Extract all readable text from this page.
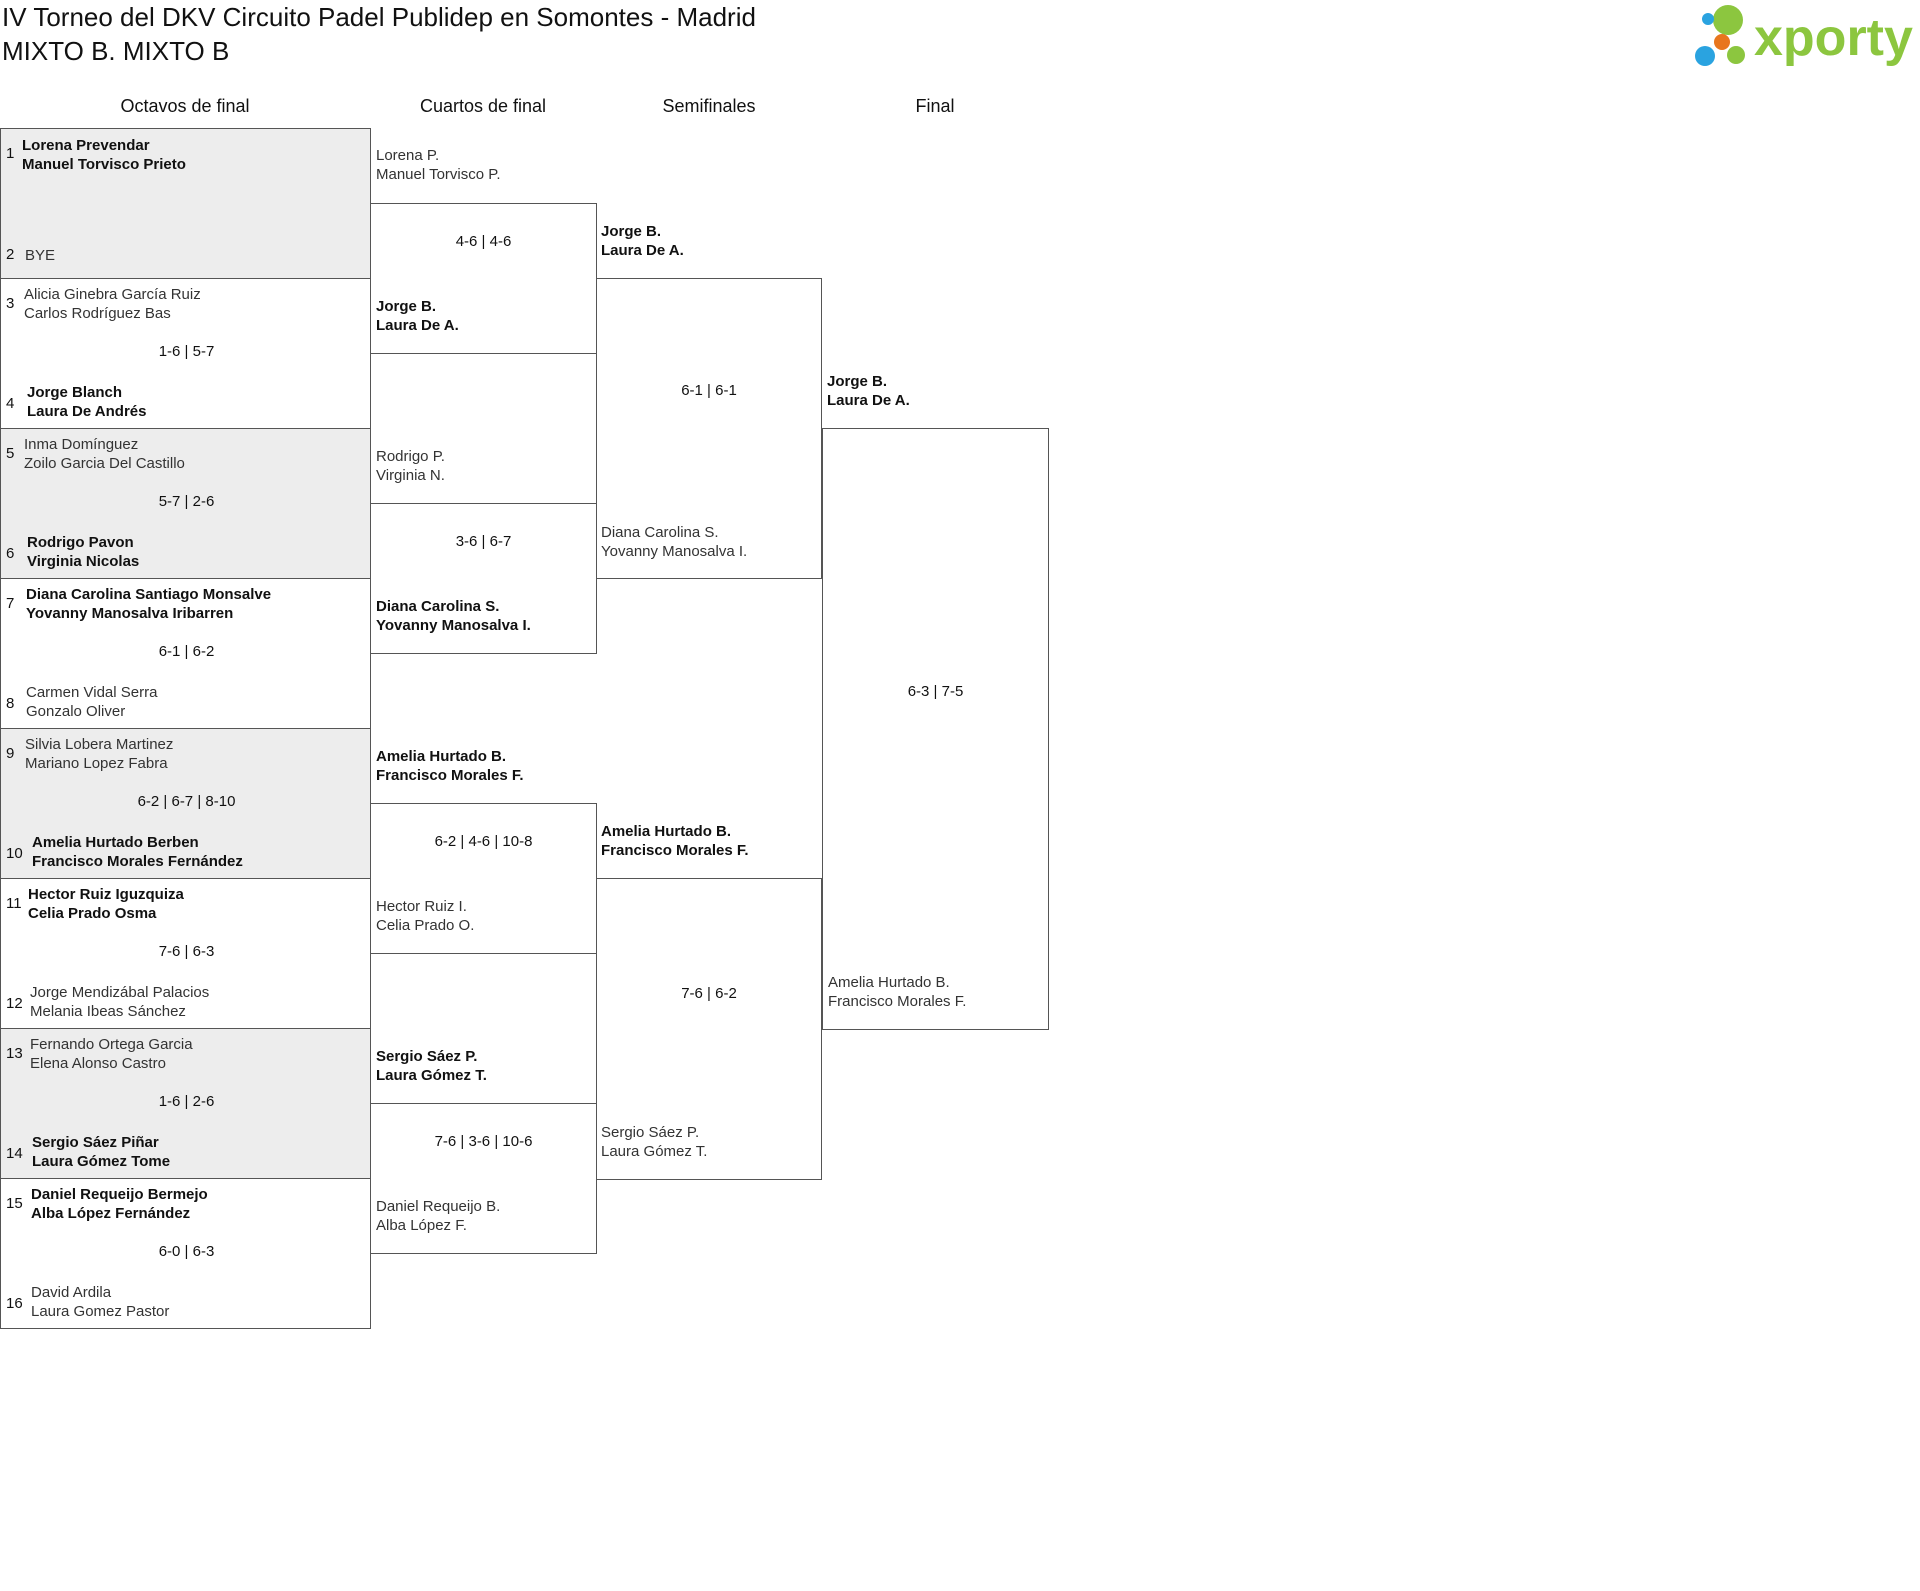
IV Torneo del DKV Circuito Padel Publidep en Somontes - Madrid
MIXTO B. MIXTO B	xporty
Octavos de final	Cuartos de final	Semifinales	Final
1 Lorena Prevendar
Manuel Torvisco Prieto
2 BYE
3
Alicia Ginebra García Ruiz
Carlos Rodríguez Bas
1-6 | 5-7
4
Jorge Blanch
Laura De Andrés
5
Inma Domínguez
Zoilo Garcia Del Castillo
5-7 | 2-6
6
Rodrigo Pavon
Virginia Nicolas
7
Diana Carolina Santiago Monsalve
Yovanny Manosalva Iribarren
6-1 | 6-2
8
Carmen Vidal Serra
Gonzalo Oliver
9
Silvia Lobera Martinez
Mariano Lopez Fabra
6-2 | 6-7 | 8-10
10
Amelia Hurtado Berben
Francisco Morales Fernández
11
Hector Ruiz Iguzquiza
Celia Prado Osma
7-6 | 6-3
12
Jorge Mendizábal Palacios
Melania Ibeas Sánchez
13
Fernando Ortega Garcia
Elena Alonso Castro
1-6 | 2-6
14
Sergio Sáez Piñar
Laura Gómez Tome
15
Daniel Requeijo Bermejo
Alba López Fernández
6-0 | 6-3
16
David Ardila
Laura Gomez Pastor
Lorena P.
Manuel Torvisco P.
4-6 | 4-6
Jorge B.
Laura De A.
Rodrigo P.
Virginia N.
3-6 | 6-7
Diana Carolina S.
Yovanny Manosalva I.
Amelia Hurtado B.
Francisco Morales F.
6-2 | 4-6 | 10-8
Hector Ruiz I.
Celia Prado O.
Sergio Sáez P.
Laura Gómez T.
7-6 | 3-6 | 10-6
Daniel Requeijo B.
Alba López F.
Jorge B.
Laura De A.
6-1 | 6-1
Diana Carolina S.
Yovanny Manosalva I.
Amelia Hurtado B.
Francisco Morales F.
7-6 | 6-2
Sergio Sáez P.
Laura Gómez T.
Jorge B.
Laura De A.
6-3 | 7-5
Amelia Hurtado B.
Francisco Morales F.
